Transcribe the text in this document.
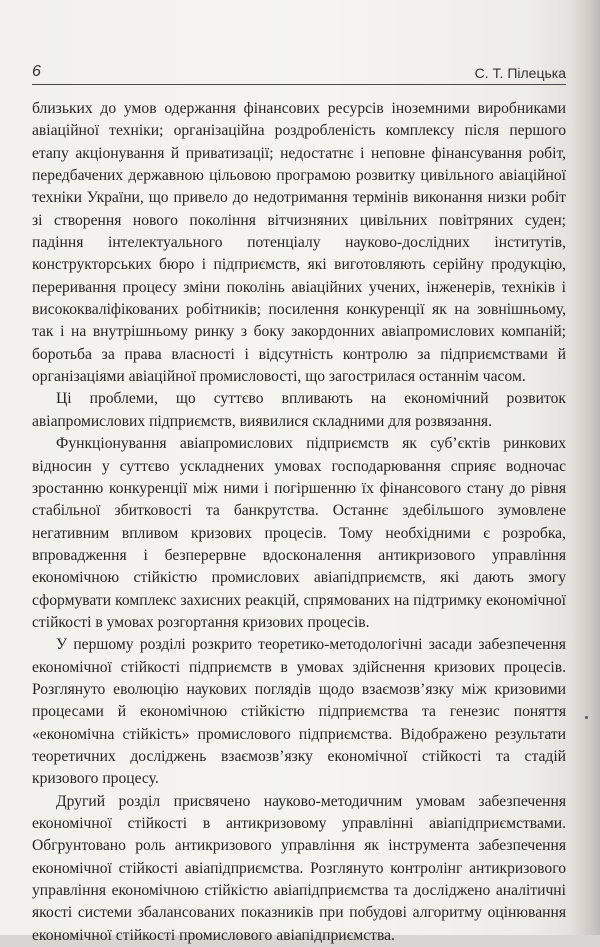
6	С. Т. Пілецька

близьких до умов одержання фінансових ресурсів іноземними виробниками авіаційної техніки; організаційна роздробленість комплексу після першого етапу акціонування й приватизації; недостатнє і неповне фінансування робіт, передбачених державною цільовою програмою розвитку цивільного авіаційної техніки України, що привело до недотримання термінів виконання низки робіт зі створення нового покоління вітчизняних цивільних повітряних суден; падіння інтелектуального потенціалу науково-дослідних інститутів, конструкторських бюро і підприємств, які виготовляють серійну продукцію, переривання процесу зміни поколінь авіаційних учених, інженерів, техніків і висококваліфікованих робітників; посилення конкуренції як на зовнішньому, так і на внутрішньому ринку з боку закордонних авіапромислових компаній; боротьба за права власності і відсутність контролю за підприємствами й організаціями авіаційної промисловості, що загострилася останнім часом.

Ці проблеми, що суттєво впливають на економічний розвиток авіапромислових підприємств, виявилися складними для розвязання.

Функціонування авіапромислових підприємств як суб’єктів ринкових відносин у суттєво ускладнених умовах господарювання сприяє водночас зростанню конкуренції між ними і погіршенню їх фінансового стану до рівня стабільної збитковості та банкрутства. Останнє здебільшого зумовлене негативним впливом кризових процесів. Тому необхідними є розробка, впровадження і безперервне вдосконалення антикризового управління економічною стійкістю промислових авіапідприємств, які дають змогу сформувати комплекс захисних реакцій, спрямованих на підтримку економічної стійкості в умовах розгортання кризових процесів.

У першому розділі розкрито теоретико-методологічні засади забезпечення економічної стійкості підприємств в умовах здійснення кризових процесів. Розглянуто еволюцію наукових поглядів щодо взаємозв’язку між кризовими процесами й економічною стійкістю підприємства та генезис поняття «економічна стійкість» промислового підприємства. Відображено результати теоретичних досліджень взаємозв’язку економічної стійкості та стадій кризового процесу.

Другий розділ присвячено науково-методичним умовам забезпечення економічної стійкості в антикризовому управлінні авіапідприємствами. Обгрунтовано роль антикризового управління як інструмента забезпечення економічної стійкості авіапідприємства. Розглянуто контролінг антикризового управління економічною стійкістю авіапідприємства та досліджено аналітичні якості системи збалансованих показників при побудові алгоритму оцінювання економічної стійкості промислового авіапідприємства.
